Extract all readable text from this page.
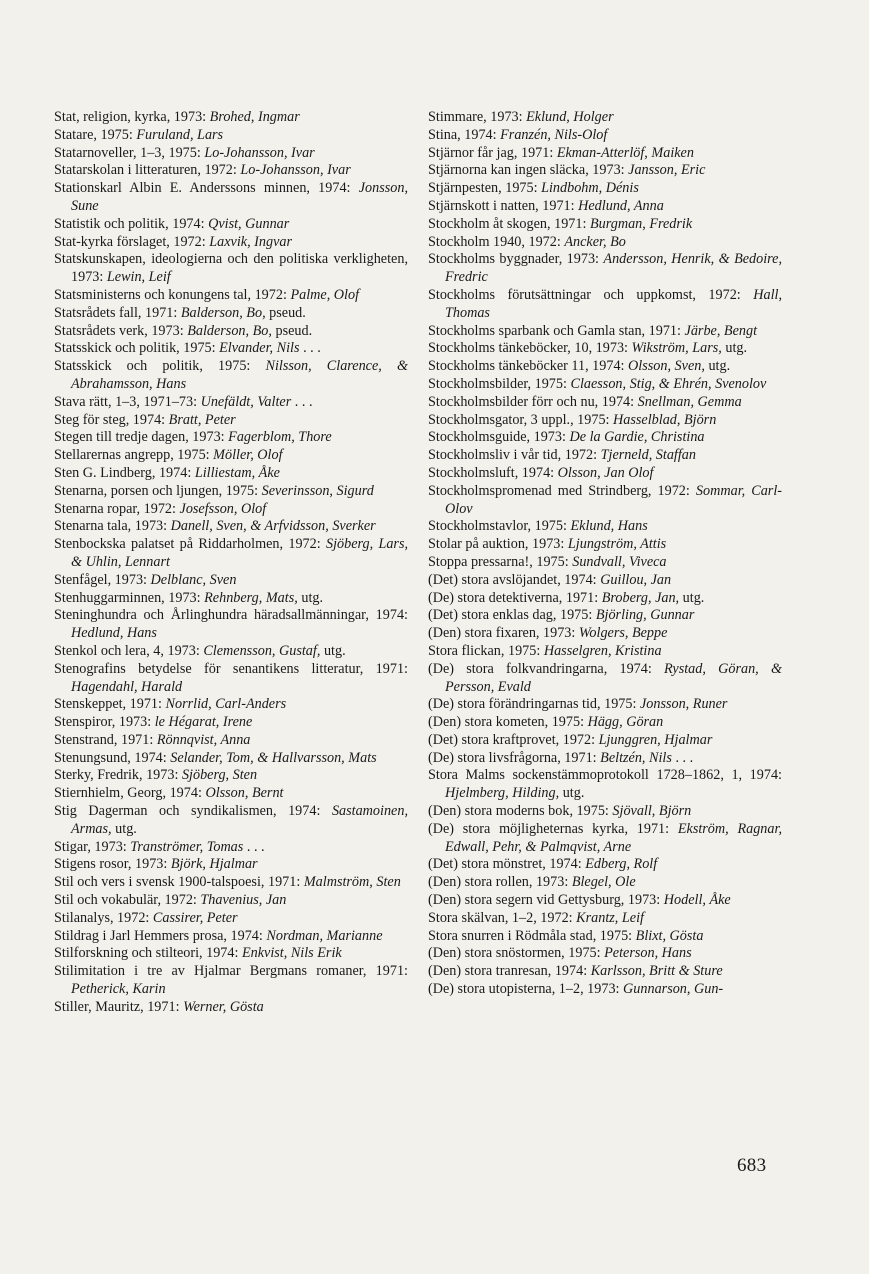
Stat, religion, kyrka, 1973: Brohed, Ingmar

Statare, 1975: Furuland, Lars

Statarnoveller, 1–3, 1975: Lo-Johansson, Ivar

Statarskolan i litteraturen, 1972: Lo-Johansson, Ivar

Stationskarl Albin E. Anderssons minnen, 1974: Jonsson, Sune

Statistik och politik, 1974: Qvist, Gunnar

Stat-kyrka förslaget, 1972: Laxvik, Ingvar

Statskunskapen, ideologierna och den politiska verkligheten, 1973: Lewin, Leif

Statsministerns och konungens tal, 1972: Palme, Olof

Statsrådets fall, 1971: Balderson, Bo, pseud.

Statsrådets verk, 1973: Balderson, Bo, pseud.

Statsskick och politik, 1975: Elvander, Nils . . .

Statsskick och politik, 1975: Nilsson, Clarence, & Abrahamsson, Hans

Stava rätt, 1–3, 1971–73: Unefäldt, Valter . . .

Steg för steg, 1974: Bratt, Peter

Stegen till tredje dagen, 1973: Fagerblom, Thore

Stellarernas angrepp, 1975: Möller, Olof

Sten G. Lindberg, 1974: Lilliestam, Åke

Stenarna, porsen och ljungen, 1975: Severinsson, Sigurd

Stenarna ropar, 1972: Josefsson, Olof

Stenarna tala, 1973: Danell, Sven, & Arfvidsson, Sverker

Stenbockska palatset på Riddarholmen, 1972: Sjöberg, Lars, & Uhlin, Lennart

Stenfågel, 1973: Delblanc, Sven

Stenhuggarminnen, 1973: Rehnberg, Mats, utg.

Steninghundra och Årlinghundra häradsallmänningar, 1974: Hedlund, Hans

Stenkol och lera, 4, 1973: Clemensson, Gustaf, utg.

Stenografins betydelse för senantikens litteratur, 1971: Hagendahl, Harald

Stenskeppet, 1971: Norrlid, Carl-Anders

Stenspiror, 1973: le Hégarat, Irene

Stenstrand, 1971: Rönnqvist, Anna

Stenungsund, 1974: Selander, Tom, & Hallvarsson, Mats

Sterky, Fredrik, 1973: Sjöberg, Sten

Stiernhielm, Georg, 1974: Olsson, Bernt

Stig Dagerman och syndikalismen, 1974: Sastamoinen, Armas, utg.

Stigar, 1973: Tranströmer, Tomas . . .

Stigens rosor, 1973: Björk, Hjalmar

Stil och vers i svensk 1900-talspoesi, 1971: Malmström, Sten

Stil och vokabulär, 1972: Thavenius, Jan

Stilanalys, 1972: Cassirer, Peter

Stildrag i Jarl Hemmers prosa, 1974: Nordman, Marianne

Stilforskning och stilteori, 1974: Enkvist, Nils Erik

Stilimitation i tre av Hjalmar Bergmans romaner, 1971: Petherick, Karin

Stiller, Mauritz, 1971: Werner, Gösta

Stimmare, 1973: Eklund, Holger

Stina, 1974: Franzén, Nils-Olof

Stjärnor får jag, 1971: Ekman-Atterlöf, Maiken

Stjärnorna kan ingen släcka, 1973: Jansson, Eric

Stjärnpesten, 1975: Lindbohm, Dénis

Stjärnskott i natten, 1971: Hedlund, Anna

Stockholm åt skogen, 1971: Burgman, Fredrik

Stockholm 1940, 1972: Ancker, Bo

Stockholms byggnader, 1973: Andersson, Henrik, & Bedoire, Fredric

Stockholms förutsättningar och uppkomst, 1972: Hall, Thomas

Stockholms sparbank och Gamla stan, 1971: Järbe, Bengt

Stockholms tänkeböcker, 10, 1973: Wikström, Lars, utg.

Stockholms tänkeböcker 11, 1974: Olsson, Sven, utg.

Stockholmsbilder, 1975: Claesson, Stig, & Ehrén, Svenolov

Stockholmsbilder förr och nu, 1974: Snellman, Gemma

Stockholmsgator, 3 uppl., 1975: Hasselblad, Björn

Stockholmsguide, 1973: De la Gardie, Christina

Stockholmsliv i vår tid, 1972: Tjerneld, Staffan

Stockholmsluft, 1974: Olsson, Jan Olof

Stockholmspromenad med Strindberg, 1972: Sommar, Carl-Olov

Stockholmstavlor, 1975: Eklund, Hans

Stolar på auktion, 1973: Ljungström, Attis

Stoppa pressarna!, 1975: Sundvall, Viveca

(Det) stora avslöjandet, 1974: Guillou, Jan

(De) stora detektiverna, 1971: Broberg, Jan, utg.

(Det) stora enklas dag, 1975: Björling, Gunnar

(Den) stora fixaren, 1973: Wolgers, Beppe

Stora flickan, 1975: Hasselgren, Kristina

(De) stora folkvandringarna, 1974: Rystad, Göran, & Persson, Evald

(De) stora förändringarnas tid, 1975: Jonsson, Runer

(Den) stora kometen, 1975: Hägg, Göran

(Det) stora kraftprovet, 1972: Ljunggren, Hjalmar

(De) stora livsfrågorna, 1971: Beltzén, Nils . . .

Stora Malms sockenstämmoprotokoll 1728–1862, 1, 1974: Hjelmberg, Hilding, utg.

(Den) stora moderns bok, 1975: Sjövall, Björn

(De) stora möjligheternas kyrka, 1971: Ekström, Ragnar, Edwall, Pehr, & Palmqvist, Arne

(Det) stora mönstret, 1974: Edberg, Rolf

(Den) stora rollen, 1973: Blegel, Ole

(Den) stora segern vid Gettysburg, 1973: Hodell, Åke

Stora skälvan, 1–2, 1972: Krantz, Leif

Stora snurren i Rödmåla stad, 1975: Blixt, Gösta

(Den) stora snöstormen, 1975: Peterson, Hans

(Den) stora tranresan, 1974: Karlsson, Britt & Sture

(De) stora utopisterna, 1–2, 1973: Gunnarson, Gun-

683
